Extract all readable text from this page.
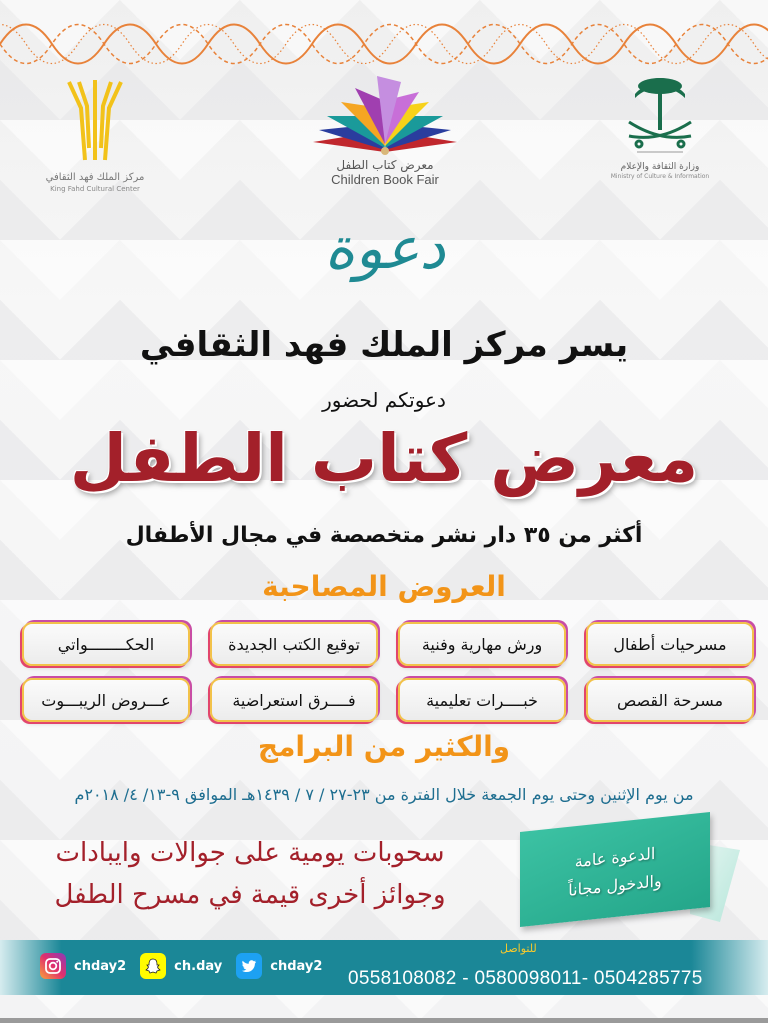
مركز الملك فهد الثقافي
King Fahd Cultural Center
معرض كتاب الطفل
Children Book Fair
وزارة الثقافة والإعلام
Ministry of Culture & Information
دعوة
يسر مركز الملك فهد الثقافي
دعوتكم لحضور
معرض كتاب الطفل
أكثر من ٣٥ دار نشر متخصصة في مجال الأطفال
العروض المصاحبة
مسرحيات أطفال
ورش مهارية وفنية
توقيع الكتب الجديدة
الحكــــــــواتي
مسرحة القصص
خبــــرات تعليمية
فــــرق استعراضية
عـــروض الريبـــوت
والكثير من البرامج
من يوم الإثنين وحتى يوم الجمعة خلال الفترة من ٢٣-٢٧ / ٧ / ١٤٣٩هـ الموافق ٩-١٣/ ٤/ ٢٠١٨م
سحوبات يومية على جوالات وايبادات
وجوائز أخرى قيمة في مسرح الطفل
الدعوة عامة
والدخول مجاناً
chday2	ch.day	chday2
للتواصل
0558108082 - 0580098011- 0504285775
